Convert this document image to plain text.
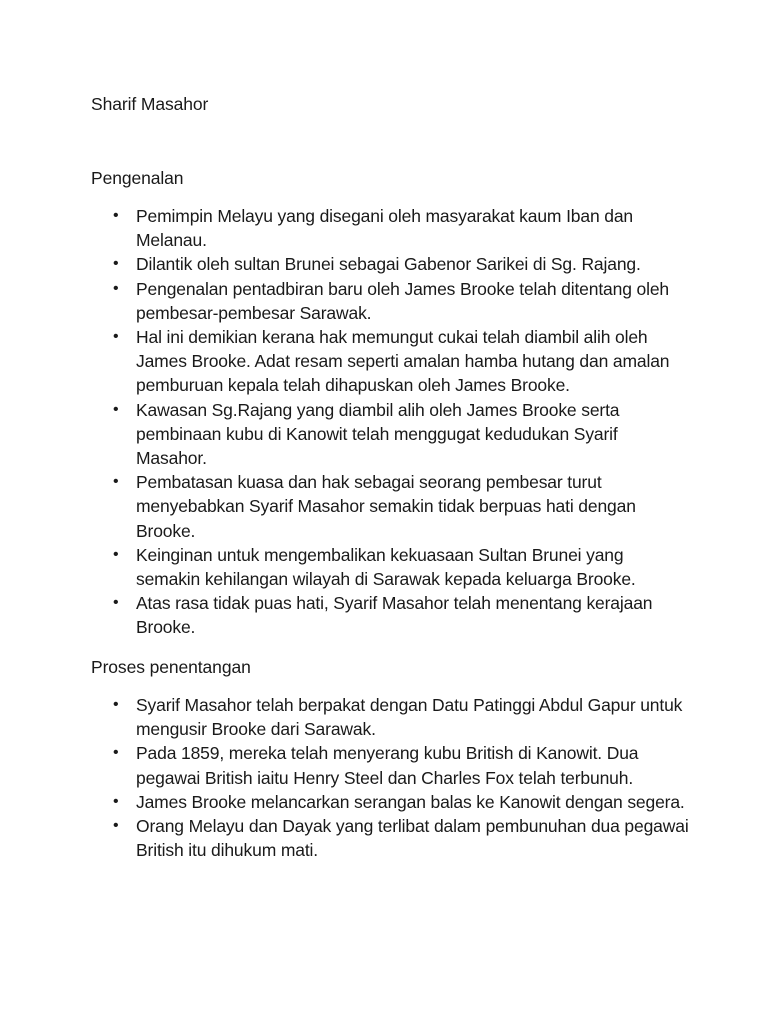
Sharif Masahor
Pengenalan
• Pemimpin Melayu yang disegani oleh masyarakat kaum Iban dan Melanau.
• Dilantik oleh sultan Brunei sebagai Gabenor Sarikei di Sg. Rajang.
• Pengenalan pentadbiran baru oleh James Brooke telah ditentang oleh pembesar-pembesar Sarawak.
• Hal ini demikian kerana hak memungut cukai telah diambil alih oleh James Brooke. Adat resam seperti amalan hamba hutang dan amalan pemburuan kepala telah dihapuskan oleh James Brooke.
• Kawasan Sg.Rajang yang diambil alih oleh James Brooke serta pembinaan kubu di Kanowit telah menggugat kedudukan Syarif Masahor.
• Pembatasan kuasa dan hak sebagai seorang pembesar turut menyebabkan Syarif Masahor semakin tidak berpuas hati dengan Brooke.
• Keinginan untuk mengembalikan kekuasaan Sultan Brunei yang semakin kehilangan wilayah di Sarawak kepada keluarga Brooke.
• Atas rasa tidak puas hati, Syarif Masahor telah menentang kerajaan Brooke.
Proses penentangan
• Syarif Masahor telah berpakat dengan Datu Patinggi Abdul Gapur untuk mengusir Brooke dari Sarawak.
• Pada 1859, mereka telah menyerang kubu British di Kanowit. Dua pegawai British iaitu Henry Steel dan Charles Fox telah terbunuh.
• James Brooke melancarkan serangan balas ke Kanowit dengan segera.
• Orang Melayu dan Dayak yang terlibat dalam pembunuhan dua pegawai British itu dihukum mati.
